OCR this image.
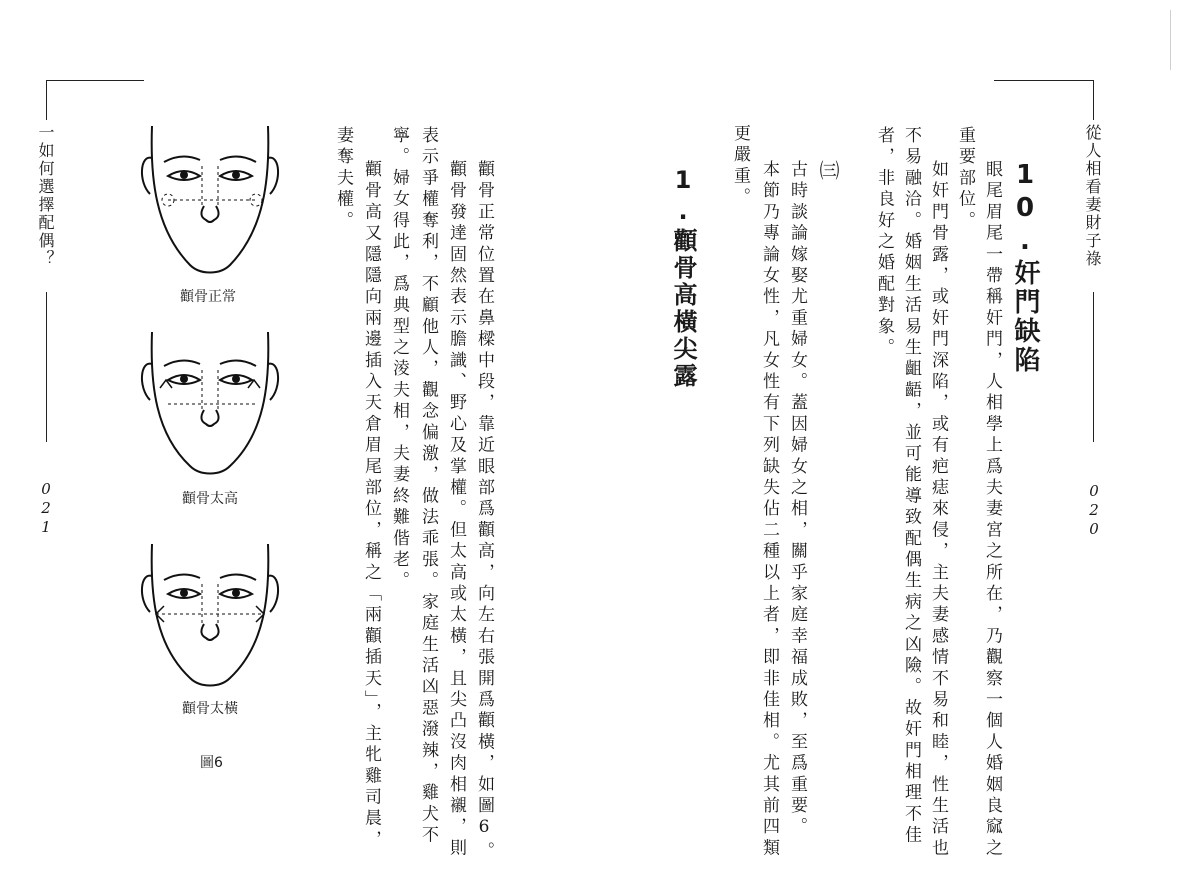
從人相看妻財子祿
020
10.奸門缺陷
眼尾眉尾一帶稱奸門，人相學上爲夫妻宮之所在，乃觀察一個人婚姻良窳之
重要部位。
如奸門骨露，或奸門深陷，或有疤痣來侵，主夫妻感情不易和睦，性生活也
不易融洽。婚姻生活易生齟齬，並可能導致配偶生病之凶險。故奸門相理不佳
者，非良好之婚配對象。
㈢
古時談論嫁娶尤重婦女。蓋因婦女之相，關乎家庭幸福成敗，至爲重要。
本節乃專論女性，凡女性有下列缺失佔二種以上者，即非佳相。尤其前四類
更嚴重。
1.顴骨高橫尖露
一如何選擇配偶？
021	顴骨正常位置在鼻樑中段，靠近眼部爲顴高，向左右張開爲顴橫，如圖6。
顴骨發達固然表示膽識、野心及掌權。但太高或太橫，且尖凸沒肉相襯，則
表示爭權奪利，不顧他人，觀念偏激，做法乖張。家庭生活凶惡潑辣，雞犬不
寧。婦女得此，爲典型之淩夫相，夫妻終難偕老。
顴骨高又隱隱向兩邊插入天倉眉尾部位，稱之「兩顴插天」，主牝雞司晨，
妻奪夫權。
顴骨正常
顴骨太高
顴骨太橫
圖6
